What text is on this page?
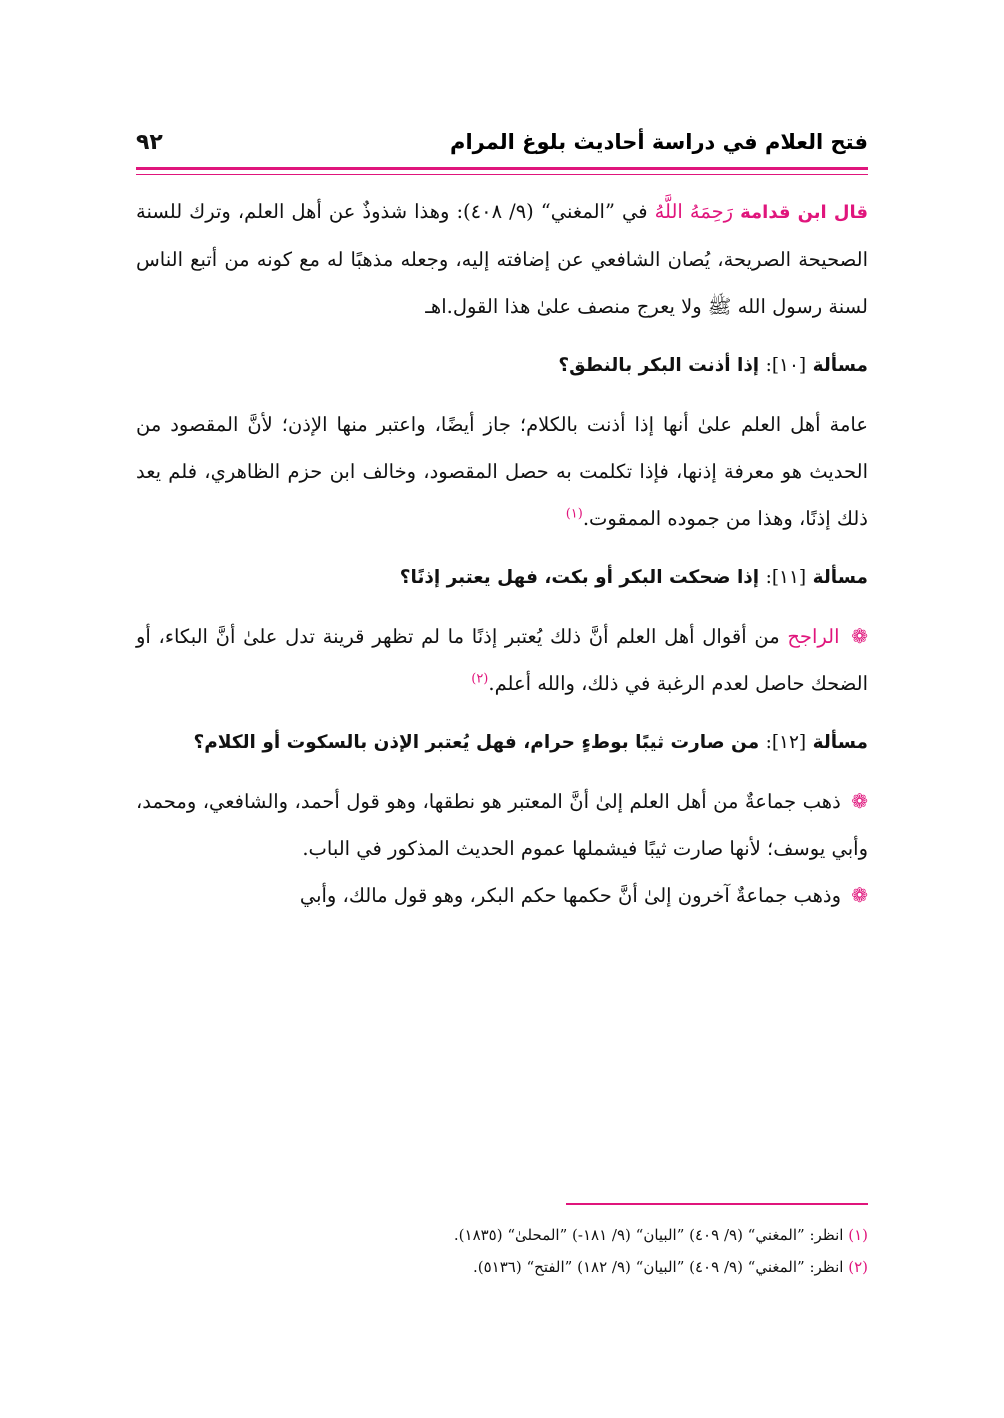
فتح العلام في دراسة أحاديث بلوغ المرام
٩٢

قال ابن قدامة رَحِمَهُ اللَّهُ في ”المغني“ (٩/ ٤٠٨): وهذا شذوذٌ عن أهل العلم، وترك للسنة الصحيحة الصريحة، يُصان الشافعي عن إضافته إليه، وجعله مذهبًا له مع كونه من أتبع الناس لسنة رسول الله ﷺ ولا يعرج منصف علىٰ هذا القول.اهـ

مسألة [١٠]: إذا أذنت البكر بالنطق؟

عامة أهل العلم علىٰ أنها إذا أذنت بالكلام؛ جاز أيضًا، واعتبر منها الإذن؛ لأنَّ المقصود من الحديث هو معرفة إذنها، فإذا تكلمت به حصل المقصود، وخالف ابن حزم الظاهري، فلم يعد ذلك إذنًا، وهذا من جموده الممقوت.$^{(١)}$

مسألة [١١]: إذا ضحكت البكر أو بكت، فهل يعتبر إذنًا؟

❁ الراجح من أقوال أهل العلم أنَّ ذلك يُعتبر إذنًا ما لم تظهر قرينة تدل علىٰ أنَّ البكاء، أو الضحك حاصل لعدم الرغبة في ذلك، والله أعلم.$^{(٢)}$

مسألة [١٢]: من صارت ثيبًا بوطءٍ حرام، فهل يُعتبر الإذن بالسكوت أو الكلام؟

❁ ذهب جماعةٌ من أهل العلم إلىٰ أنَّ المعتبر هو نطقها، وهو قول أحمد، والشافعي، ومحمد، وأبي يوسف؛ لأنها صارت ثيبًا فيشملها عموم الحديث المذكور في الباب.

❁ وذهب جماعةٌ آخرون إلىٰ أنَّ حكمها حكم البكر، وهو قول مالك، وأبي

(١) انظر: ”المغني“ (٩/ ٤٠٩) ”البيان“ (٩/ ١٨١-) ”المحلىٰ“ (١٨٣٥).

(٢) انظر: ”المغني“ (٩/ ٤٠٩) ”البيان“ (٩/ ١٨٢) ”الفتح“ (٥١٣٦).
